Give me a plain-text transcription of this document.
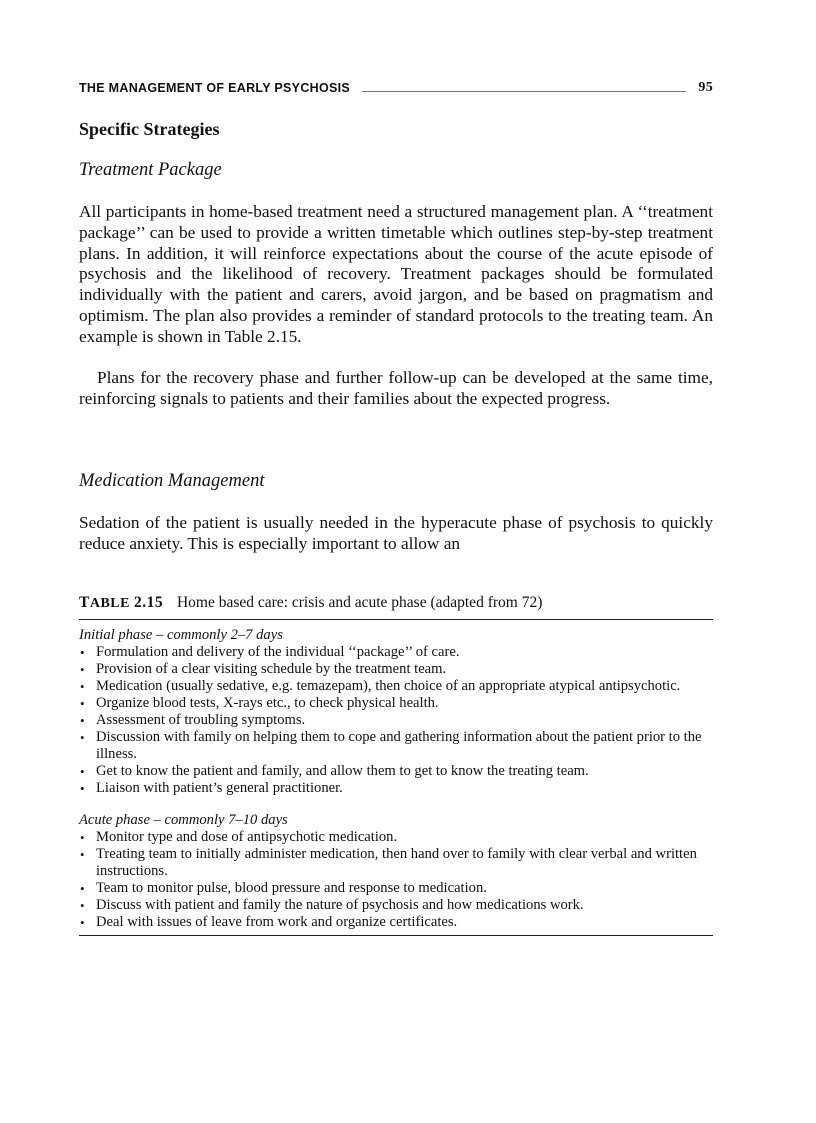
THE MANAGEMENT OF EARLY PSYCHOSIS	95
Specific Strategies
Treatment Package

All participants in home-based treatment need a structured management plan. A ‘‘treatment package’’ can be used to provide a written timetable which outlines step-by-step treatment plans. In addition, it will reinforce expectations about the course of the acute episode of psychosis and the likelihood of recovery. Treatment packages should be formulated individually with the patient and carers, avoid jargon, and be based on pragmatism and optimism. The plan also provides a reminder of standard protocols to the treating team. An example is shown in Table 2.15.

Plans for the recovery phase and further follow-up can be developed at the same time, reinforcing signals to patients and their families about the expected progress.

Medication Management

Sedation of the patient is usually needed in the hyperacute phase of psychosis to quickly reduce anxiety. This is especially important to allow an

TABLE 2.15 Home based care: crisis and acute phase (adapted from 72)
Initial phase – commonly 2–7 days
• Formulation and delivery of the individual ‘‘package’’ of care.
• Provision of a clear visiting schedule by the treatment team.
• Medication (usually sedative, e.g. temazepam), then choice of an appropriate atypical antipsychotic.
• Organize blood tests, X-rays etc., to check physical health.
• Assessment of troubling symptoms.
• Discussion with family on helping them to cope and gathering information about the patient prior to the illness.
• Get to know the patient and family, and allow them to get to know the treating team.
• Liaison with patient’s general practitioner.
Acute phase – commonly 7–10 days
• Monitor type and dose of antipsychotic medication.
• Treating team to initially administer medication, then hand over to family with clear verbal and written instructions.
• Team to monitor pulse, blood pressure and response to medication.
• Discuss with patient and family the nature of psychosis and how medications work.
• Deal with issues of leave from work and organize certificates.
